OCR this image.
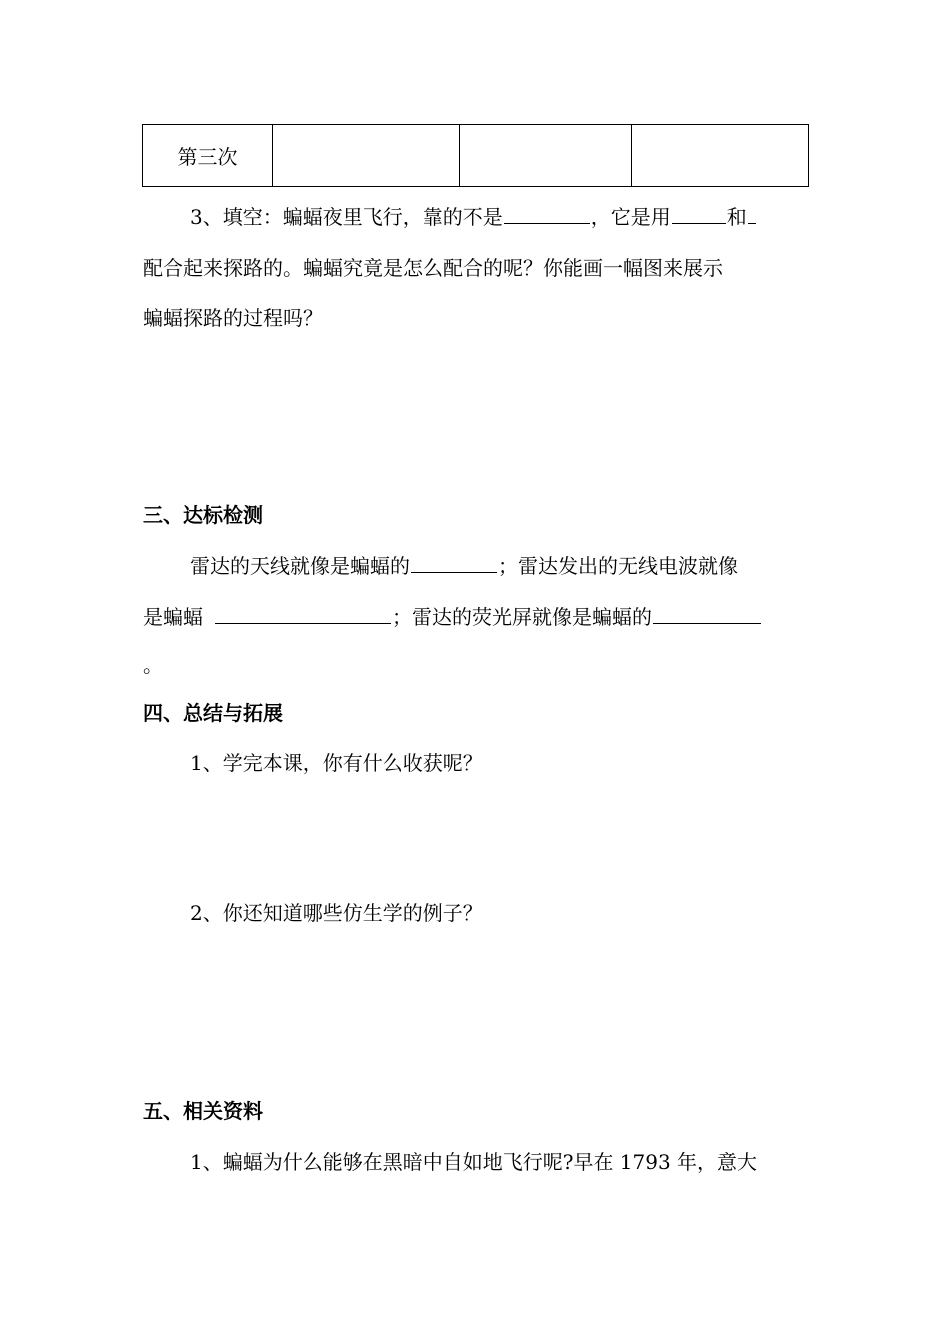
第三次			
3、填空：蝙蝠夜里飞行，靠的不是	，它是用	和
配合起来探路的。蝙蝠究竟是怎么配合的呢？你能画一幅图来展示
蝙蝠探路的过程吗？
三、达标检测
雷达的天线就像是蝙蝠的	；雷达发出的无线电波就像
是蝙蝠	；雷达的荧光屏就像是蝙蝠的
。
四、总结与拓展
1、学完本课，你有什么收获呢？
2、你还知道哪些仿生学的例子？
五、相关资料
1、蝙蝠为什么能够在黑暗中自如地飞行呢?早在 1793 年，意大
